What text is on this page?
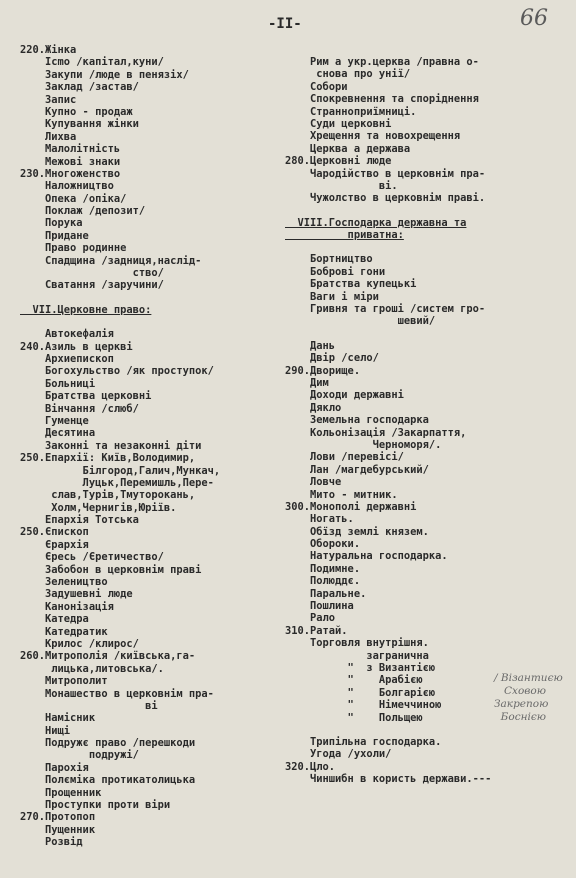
-II-	66
220.Жінка
Ісmо /капітал,куни/
Закупи /люде в пенязіх/
Заклад /застав/
Запис
Купно - продаж
Купування жінки
Лихва
Малолітність
Межові знаки
230.Многоженство
Наложництво
Опека /опіка/
Поклаж /депозит/
Порука
Придане
Право родинне
Спадщина /задниця,наслід-
ство/
Сватання /заручини/
VII.Церковне право:
Автокефалія
240.Азиль в церкві
Архиепископ
Богохульство /як проступок/
Больниці
Братства церковні
Вінчання /слюб/
Гуменце
Десятина
Законні та незаконні діти
250.Епархії: Київ,Володимир,
Білгород,Галич,Мункач,
Луцьк,Перемишль,Пере-
слав,Турів,Тмуторокань,
Холм,Чернигів,Юріїв.
Епархія Тотська
250.Єпископ
Єрархія
Єресь /Єретичество/
Забобон в церковнім праві
Зелеництво
Задушевні люде
Канонізація
Катедра
Катедратик
Крилос /клирос/
260.Митрополія /київська,га-
лицька,литовська/.
Митрополит
Монашество в церковнім пра-
ві
Намісник
Нищі
Подружє право /перешкоди
подружі/
Парохія
Полєміка протикатолицька
Прощенник
Проступки проти віри
270.Протопоп
Пущенник
Розвід
Рим а укр.церква /правна о-
снова про унії/
Собори
Спокревнення та споріднення
Странноприїмниці.
Суди церковні
Хрещення та новохрещення
Церква а держава
280.Церковні люде
Чародійство в церковнім пра-
ві.
Чужолство в церковнім праві.
VIII.Господарка державна та
приватна:
Бортництво
Боброві гони
Братства купецькі
Ваги і міри
Гривня та гроші /систем гро-
шевий/
Дань
Двір /село/
290.Дворище.
Дим
Доходи державні
Дякло
Земельна господарка
Кольонізація /Закарпаття,
Черноморя/.
Лови /перевісі/
Лан /магдебурський/
Ловче
Мито - митник.
300.Монополі державні
Ногать.
Обїзд землі князем.
Обороки.
Натуральна господарка.
Подимне.
Полюддє.
Паральне.
Пошлина
Рало
310.Ратай.
Торговля внутрішня.
заграничнa
"  з Византією
"    Арабією
"    Болгарією
"    Німеччиною
"    Польщею
Трипільна господарка.
Угода /ухоли/
320.Цло.
Чиншибн в користь держави.---
/ Візантиєю
Сховою
Закрепою
Боснією
